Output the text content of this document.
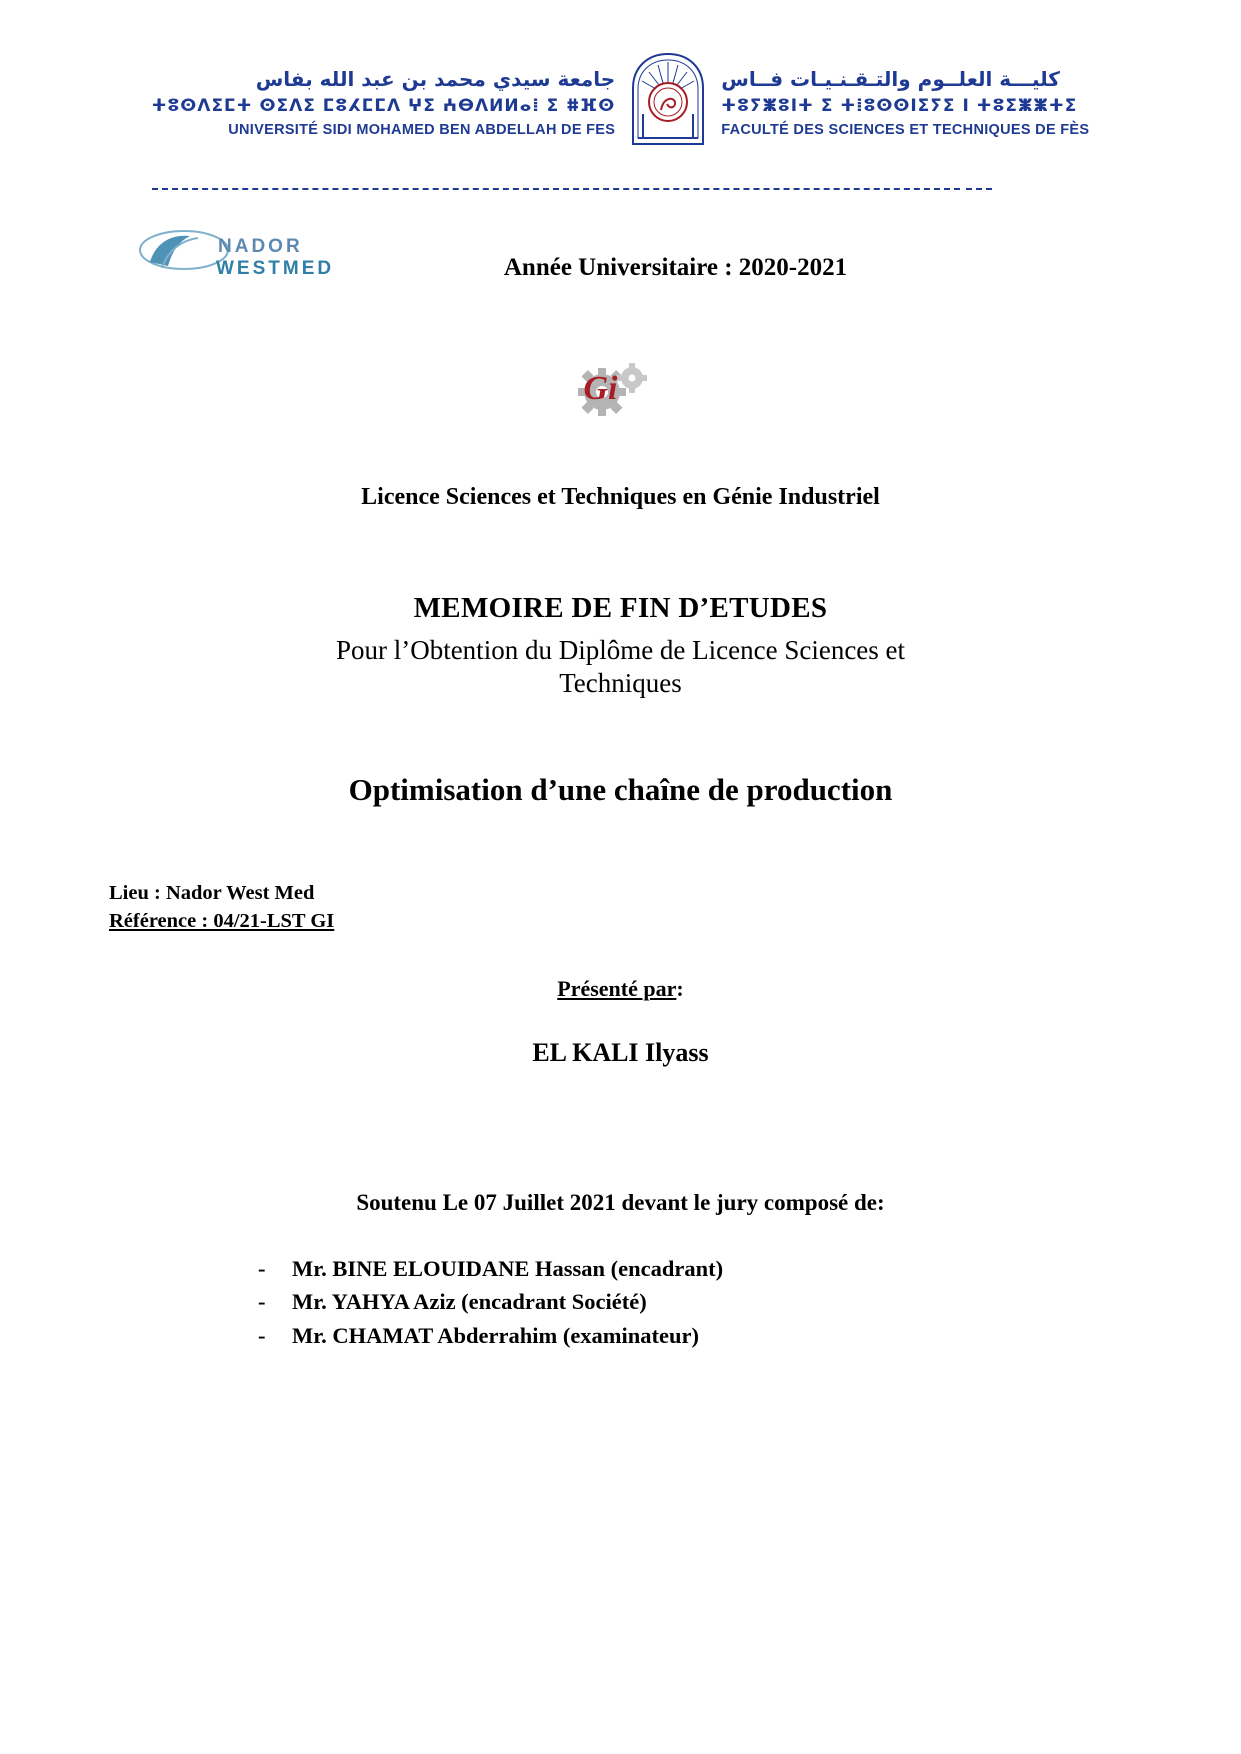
جامعة سيدي محمد بن عبد الله بفاس
ⵜⵓⵙⴷⵉⵎⵜ ⵙⵉⴷⵉ ⵎⵓⵃⵎⵎⴷ ⵖⵉ ⵄⴱⴷⵍⵍⴰⵂ ⵉ ⵌⴼⵙ
UNIVERSITÉ SIDI MOHAMED BEN ABDELLAH DE FES
كليـــة العلــوم والتـقـنـيـات فــاس
ⵜⵓⵢⵥⵓⵏⵜ ⵉ ⵜⵂⵓⵙⵙⵏⵉⵢⵉ ⵏ ⵜⵓⵉⵥⵥⵜⵉ
FACULTÉ DES SCIENCES ET TECHNIQUES DE FÈS
NADOR
WESTMED	Année Universitaire : 2020-2021
Gi
Licence Sciences et Techniques en Génie Industriel
MEMOIRE DE FIN D’ETUDES
Pour l’Obtention du Diplôme de Licence Sciences et
Techniques
Optimisation d’une chaîne de production
Lieu : Nador West Med
Référence : 04/21-LST GI
Présenté par:
EL KALI Ilyass
Soutenu Le 07 Juillet 2021 devant le jury composé de:
- Mr. BINE ELOUIDANE Hassan (encadrant)
- Mr. YAHYA Aziz (encadrant Société)
- Mr. CHAMAT Abderrahim (examinateur)
